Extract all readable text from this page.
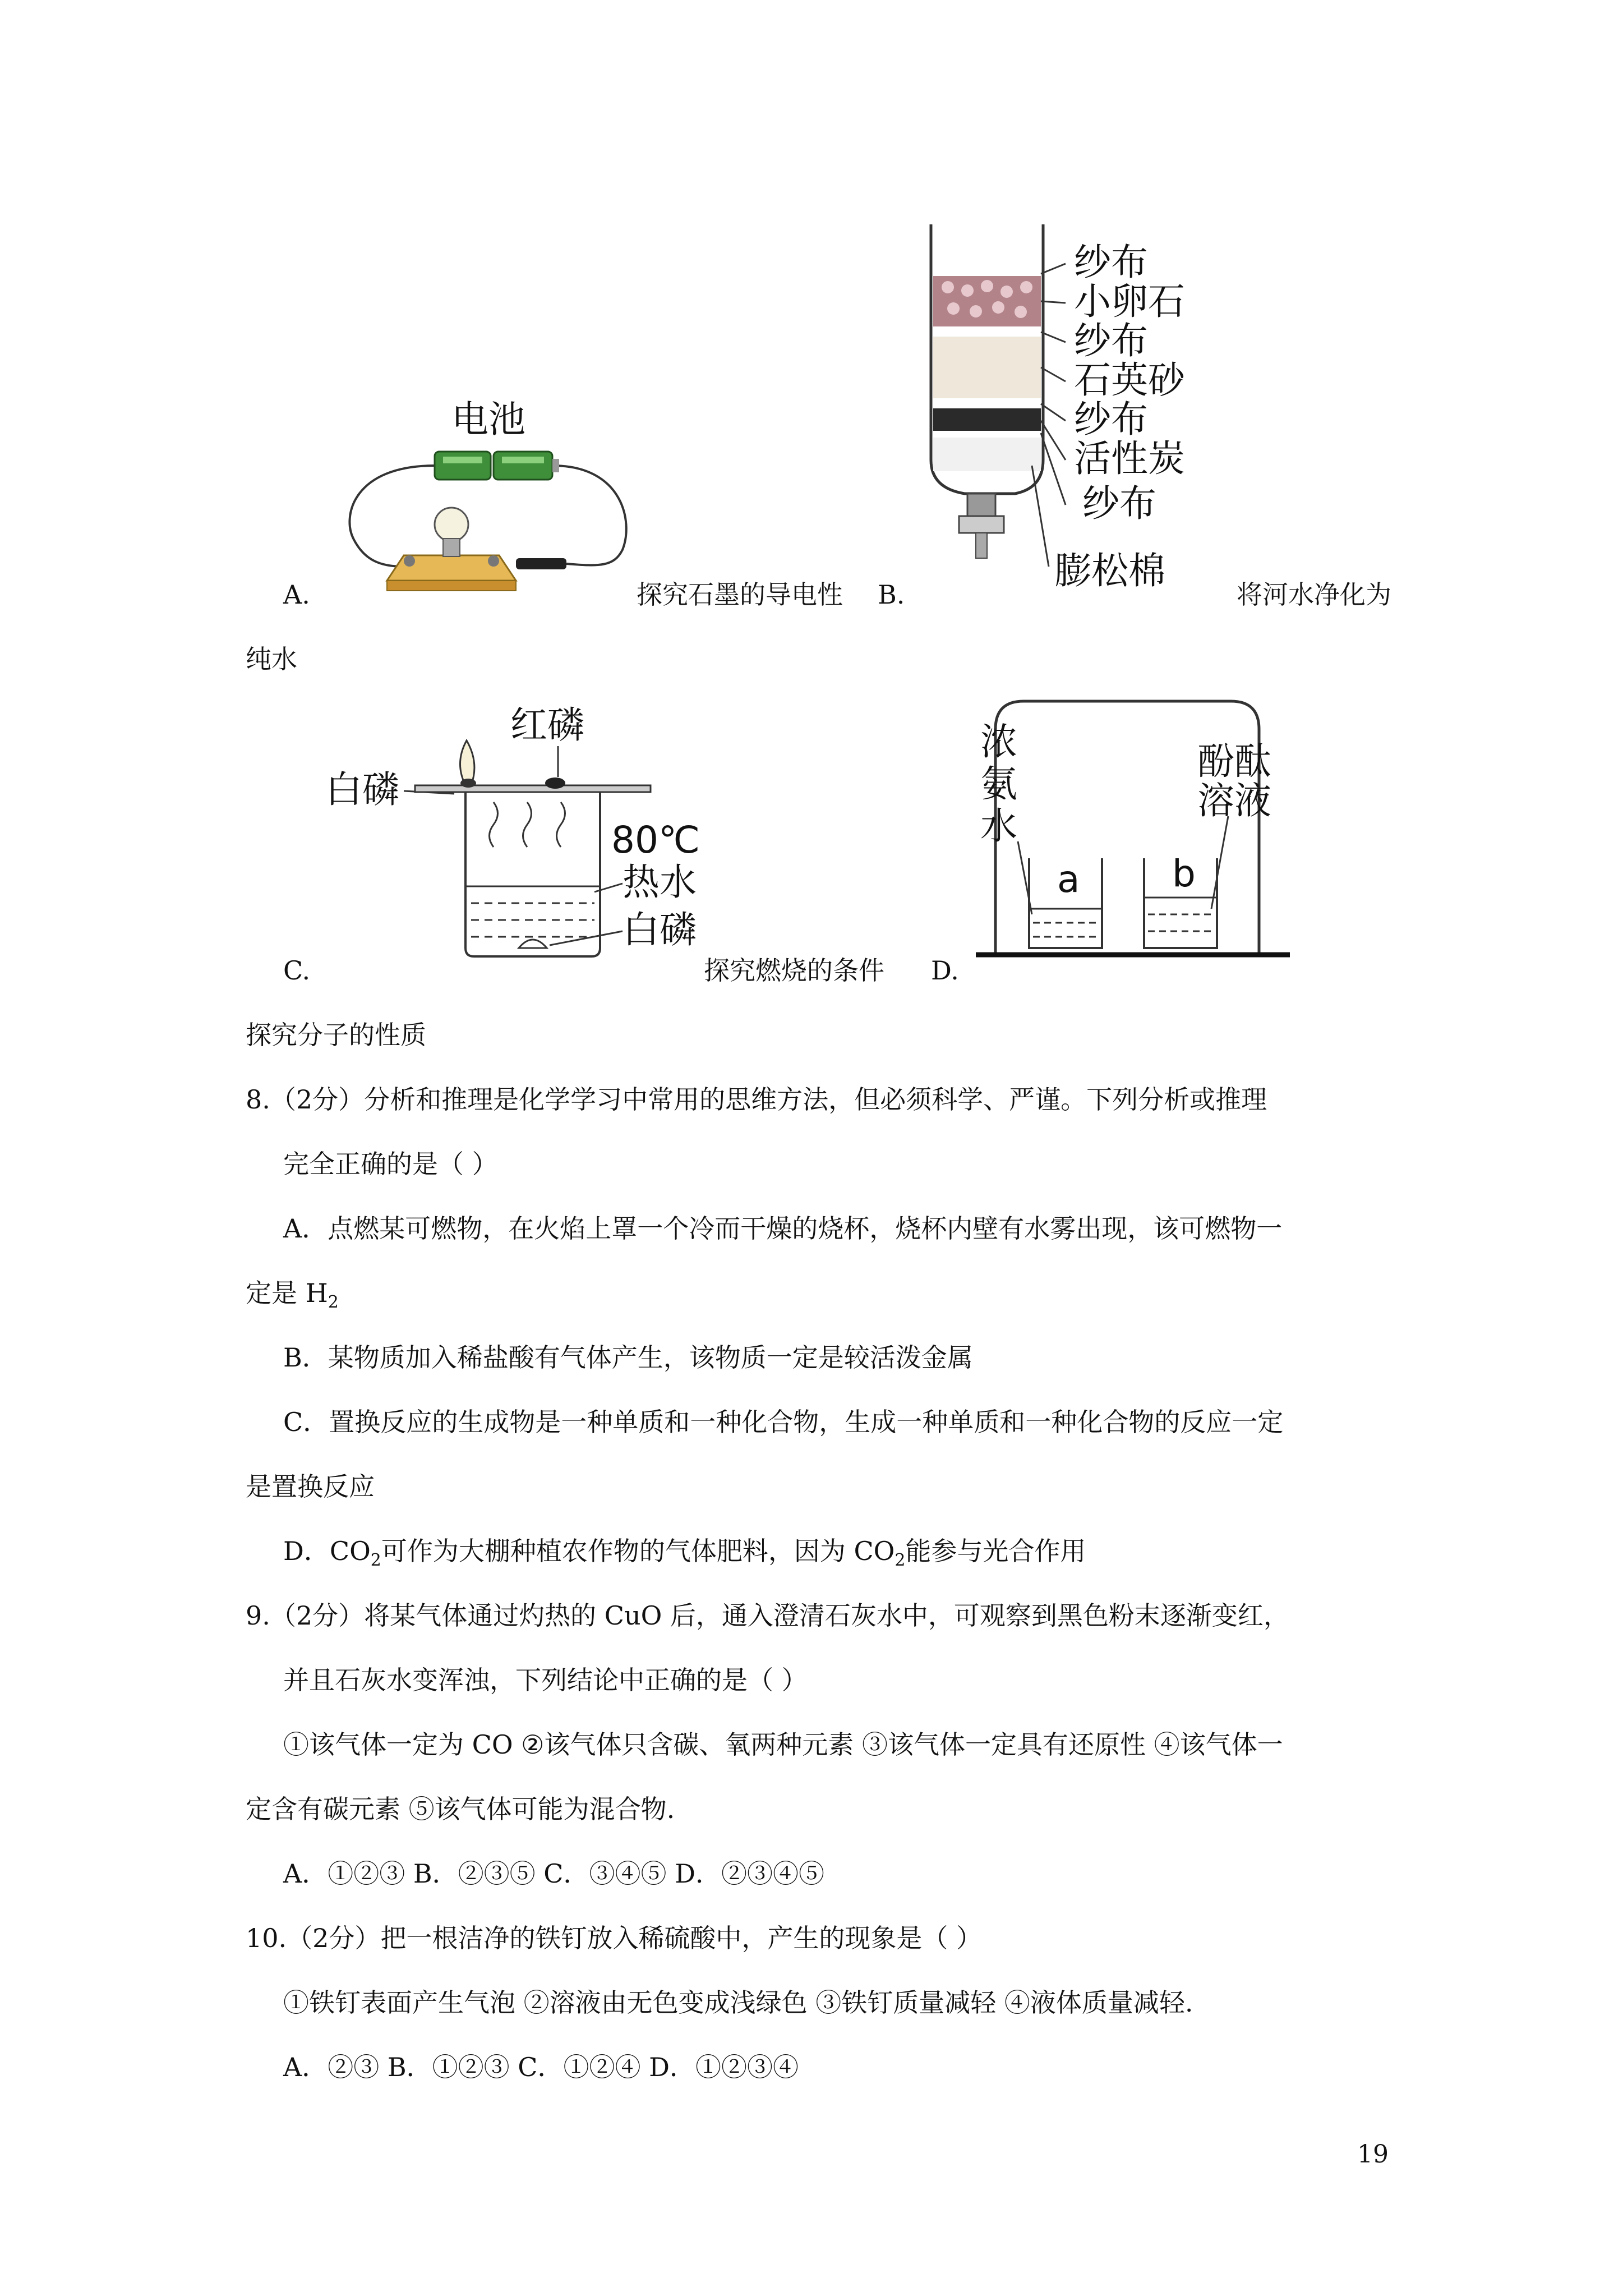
电池
纱布
小卵石
纱布
石英砂
纱布
活性炭
纱布
膨松棉
红磷
白磷
80℃
热水
白磷
浓
氨
水
酚酞
溶液
a b
A.	探究石墨的导电性 B.	将河水净化为
纯水
C.	探究燃烧的条件 D.
探究分子的性质
8.（2分）分析和推理是化学学习中常用的思维方法，但必须科学、严谨。下列分析或推理
完全正确的是（ ）
A．点燃某可燃物，在火焰上罩一个冷而干燥的烧杯，烧杯内壁有水雾出现，该可燃物一
定是 $H_2$
B．某物质加入稀盐酸有气体产生，该物质一定是较活泼金属
C．置换反应的生成物是一种单质和一种化合物，生成一种单质和一种化合物的反应一定
是置换反应
D．$CO_2$可作为大棚种植农作物的气体肥料，因为 $CO_2$能参与光合作用
9.（2分）将某气体通过灼热的 CuO 后，通入澄清石灰水中，可观察到黑色粉末逐渐变红，
并且石灰水变浑浊，下列结论中正确的是（ ）
①该气体一定为 CO ②该气体只含碳、氧两种元素 ③该气体一定具有还原性 ④该气体一
定含有碳元素 ⑤该气体可能为混合物.
A．①②③ B．②③⑤ C．③④⑤ D．②③④⑤
10.（2分）把一根洁净的铁钉放入稀硫酸中，产生的现象是（ ）
①铁钉表面产生气泡 ②溶液由无色变成浅绿色 ③铁钉质量减轻 ④液体质量减轻.
A．②③ B．①②③ C．①②④ D．①②③④
19
